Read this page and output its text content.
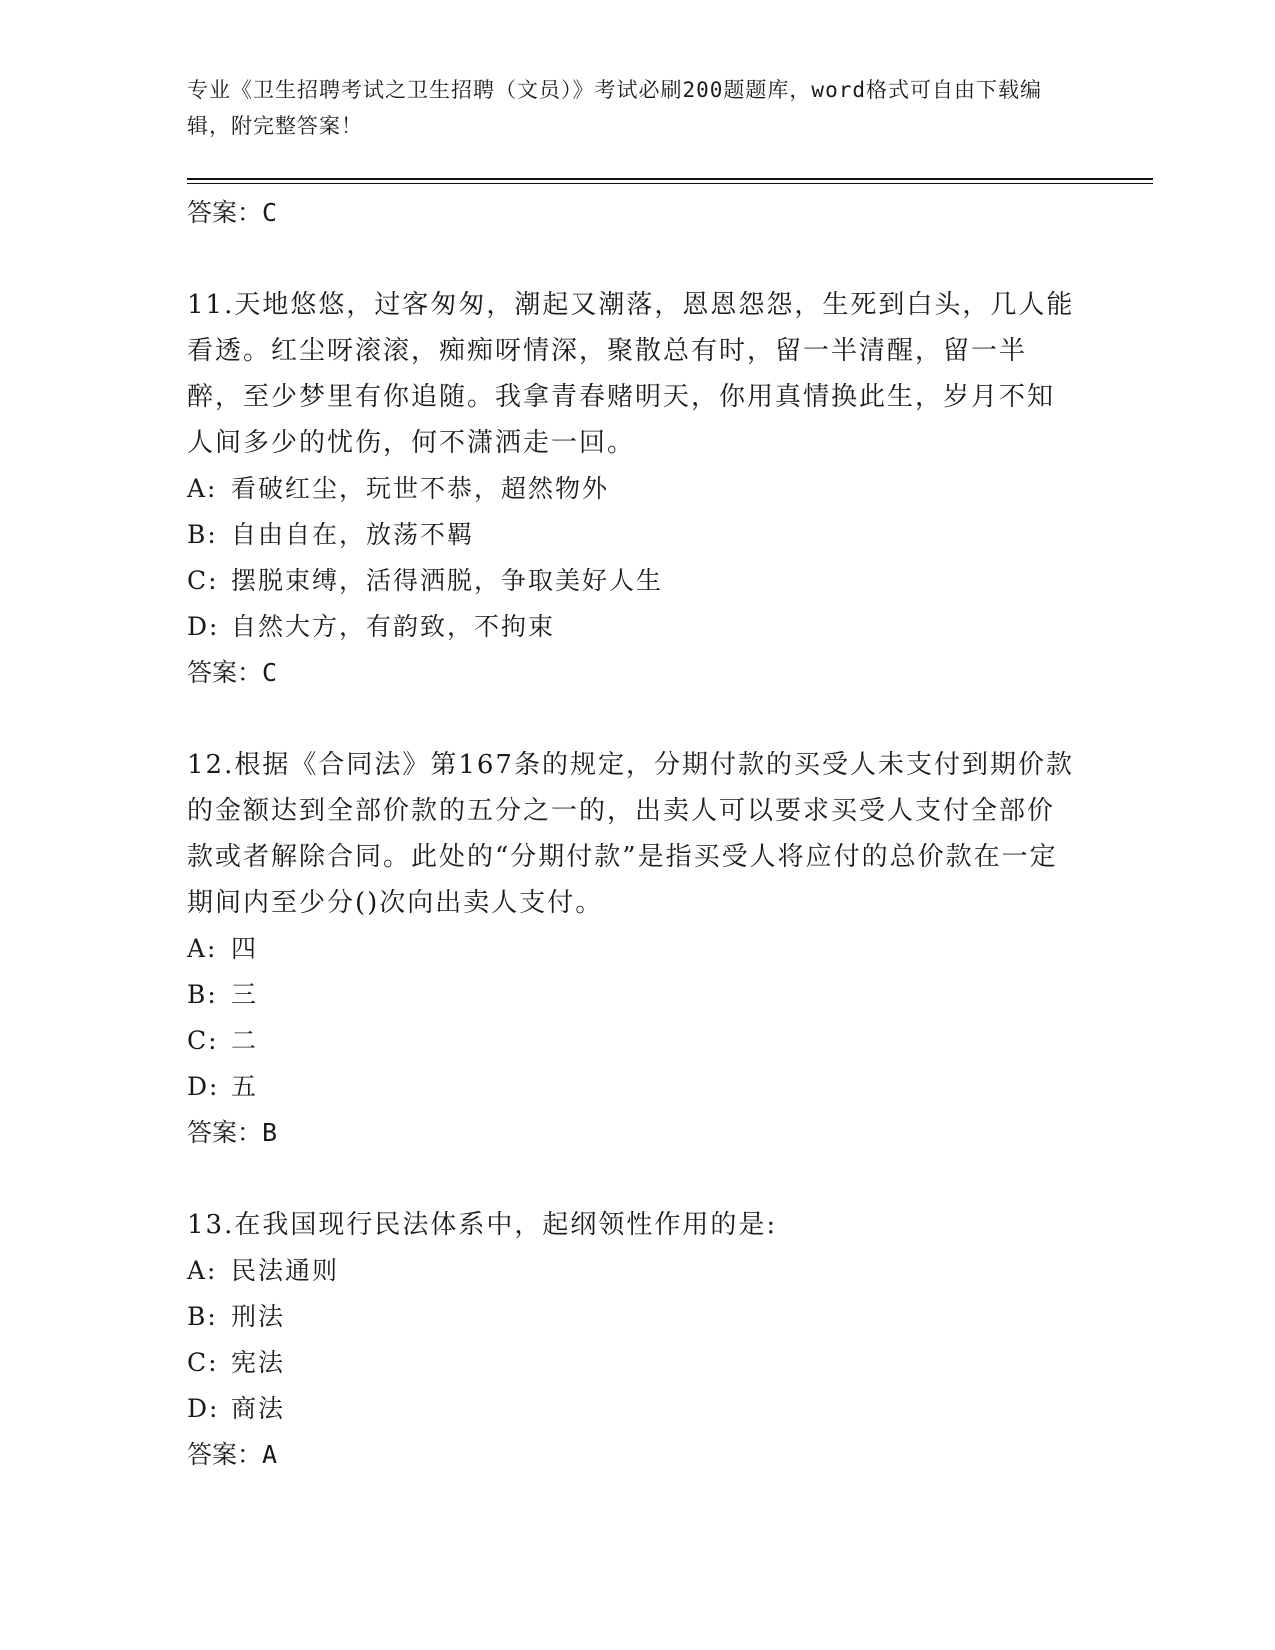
专业《卫生招聘考试之卫生招聘（文员）》考试必刷200题题库，word格式可自由下载编辑，附完整答案！
答案：C
11.天地悠悠，过客匆匆，潮起又潮落，恩恩怨怨，生死到白头，几人能看透。红尘呀滚滚，痴痴呀情深，聚散总有时，留一半清醒，留一半醉，至少梦里有你追随。我拿青春赌明天，你用真情换此生，岁月不知人间多少的忧伤，何不潇洒走一回。
A: 看破红尘，玩世不恭，超然物外
B: 自由自在，放荡不羁
C: 摆脱束缚，活得洒脱，争取美好人生
D: 自然大方，有韵致，不拘束
答案：C
12.根据《合同法》第167条的规定，分期付款的买受人未支付到期价款的金额达到全部价款的五分之一的，出卖人可以要求买受人支付全部价款或者解除合同。此处的“分期付款”是指买受人将应付的总价款在一定期间内至少分()次向出卖人支付。
A: 四
B: 三
C: 二
D: 五
答案：B
13.在我国现行民法体系中，起纲领性作用的是:
A: 民法通则
B: 刑法
C: 宪法
D: 商法
答案：A
